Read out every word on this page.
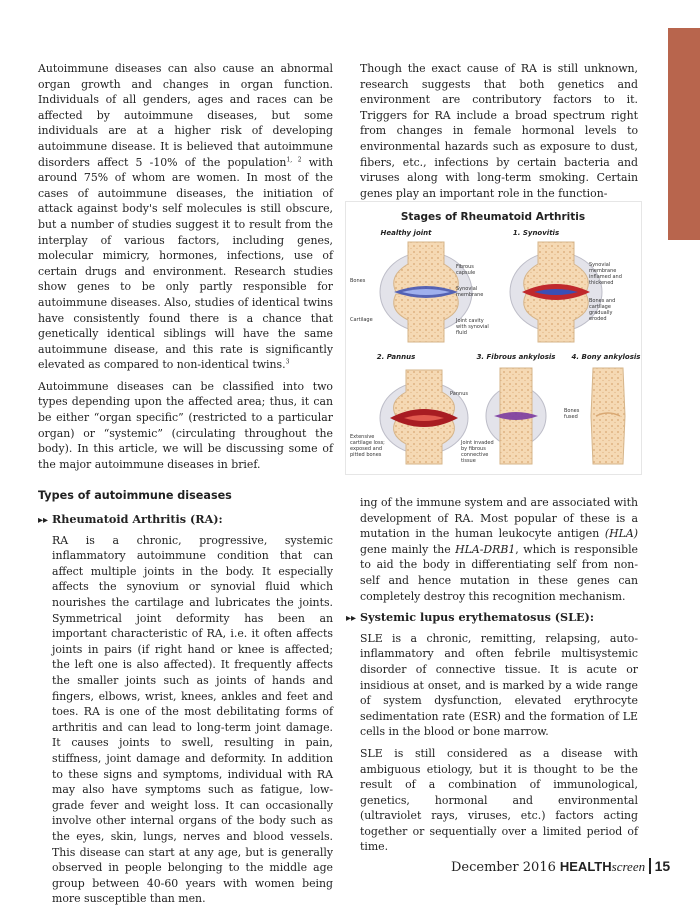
COVER STORY

Autoimmune diseases can also cause an abnormal organ growth and changes in organ function. Individuals of all genders, ages and races can be affected by autoimmune diseases, but some individuals are at a higher risk of developing autoimmune disease. It is believed that autoimmune disorders affect 5 -10% of the population$^{1, 2}$ with around 75% of whom are women. In most of the cases of autoimmune diseases, the initiation of attack against body's self molecules is still obscure, but a number of studies suggest it to result from the interplay of various factors, including genes, molecular mimicry, hormones, infections, use of certain drugs and environment. Research studies show genes to be only partly responsible for autoimmune diseases. Also, studies of identical twins have consistently found there is a chance that genetically identical siblings will have the same autoimmune disease, and this rate is significantly elevated as compared to non-identical twins.$^3$

Autoimmune diseases can be classified into two types depending upon the affected area; thus, it can be either “organ specific” (restricted to a particular organ) or “systemic” (circulating throughout the body). In this article, we will be discussing some of the major autoimmune diseases in brief.

Types of autoimmune diseases
▸▸ Rheumatoid Arthritis (RA):
RA is a chronic, progressive, systemic inflammatory autoimmune condition that can affect multiple joints in the body. It especially affects the synovium or synovial fluid which nourishes the cartilage and lubricates the joints. Symmetrical joint deformity has been an important characteristic of RA, i.e. it often affects joints in pairs (if right hand or knee is affected; the left one is also affected). It frequently affects the smaller joints such as joints of hands and fingers, elbows, wrist, knees, ankles and feet and toes. RA is one of the most debilitating forms of arthritis and can lead to long-term joint damage. It causes joints to swell, resulting in pain, stiffness, joint damage and deformity. In addition to these signs and symptoms, individual with RA may also have symptoms such as fatigue, low-grade fever and weight loss. It can occasionally involve other internal organs of the body such as the eyes, skin, lungs, nerves and blood vessels. This disease can start at any age, but is generally observed in people belonging to the middle age group between 40-60 years with women being more susceptible than men.

Though the exact cause of RA is still unknown, research suggests that both genetics and environment are contributory factors to it. Triggers for RA include a broad spectrum right from changes in female hormonal levels to environmental hazards such as exposure to dust, fibers, etc., infections by certain bacteria and viruses along with long-term smoking. Certain genes play an important role in the function-

Stages of Rheumatoid Arthritis
Healthy joint	1. Synovitis
Bones
Cartilage
Fibrous capsule
Synovial membrane
Joint cavity with synovial fluid
Synovial membrane inflamed and thickened
Bones and cartilage gradually eroded
2. Pannus	3. Fibrous ankylosis 4. Bony ankylosis
Pannus
Extensive cartilage loss; exposed and pitted bones
Joint invaded by fibrous connective tissue
Bones fused

ing of the immune system and are associated with development of RA. Most popular of these is a mutation in the human leukocyte antigen (HLA) gene mainly the HLA-DRB1, which is responsible to aid the body in differentiating self from non-self and hence mutation in these genes can completely destroy this recognition mechanism.

▸▸ Systemic lupus erythematosus (SLE):

SLE is a chronic, remitting, relapsing, auto-inflammatory and often febrile multisystemic disorder of connective tissue. It is acute or insidious at onset, and is marked by a wide range of system dysfunction, elevated erythrocyte sedimentation rate (ESR) and the formation of LE cells in the blood or bone marrow.

SLE is still considered as a disease with ambiguous etiology, but it is thought to be the result of a combination of immunological, genetics, hormonal and environmental (ultraviolet rays, viruses, etc.) factors acting together or sequentially over a limited period of time.

December 2016 HEALTHscreen 15
